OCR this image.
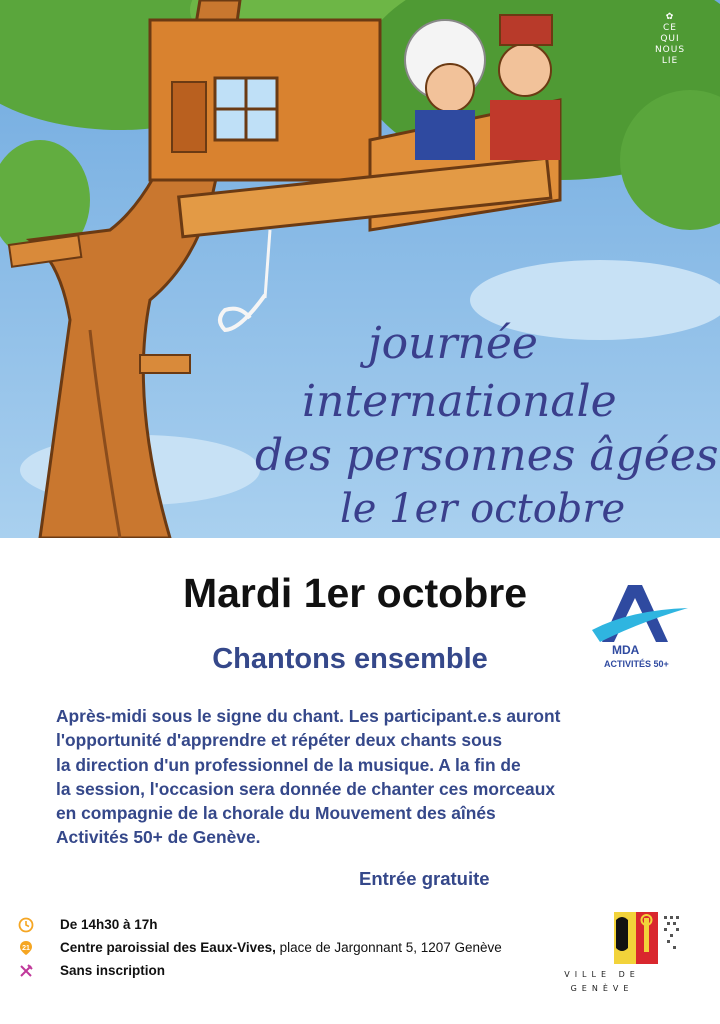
journée
internationale
des personnes âgées
le 1er octobre
✿
CE
QUI
NOUS
LIE
Mardi 1er octobre
Chantons ensemble	MDA
ACTIVITÉS 50+
Après-midi sous le signe du chant. Les participant.e.s auront
l'opportunité d'apprendre et répéter deux chants sous
la direction d'un professionnel de la musique. A la fin de
la session, l'occasion sera donnée de chanter ces morceaux
en compagnie de la chorale du Mouvement des aînés
Activités 50+ de Genève.
Entrée gratuite
De 14h30 à 17h
21 Centre paroissial des Eaux-Vives, place de Jargonnant 5, 1207 Genève
Sans inscription	VILLE DE
GENÈVE
